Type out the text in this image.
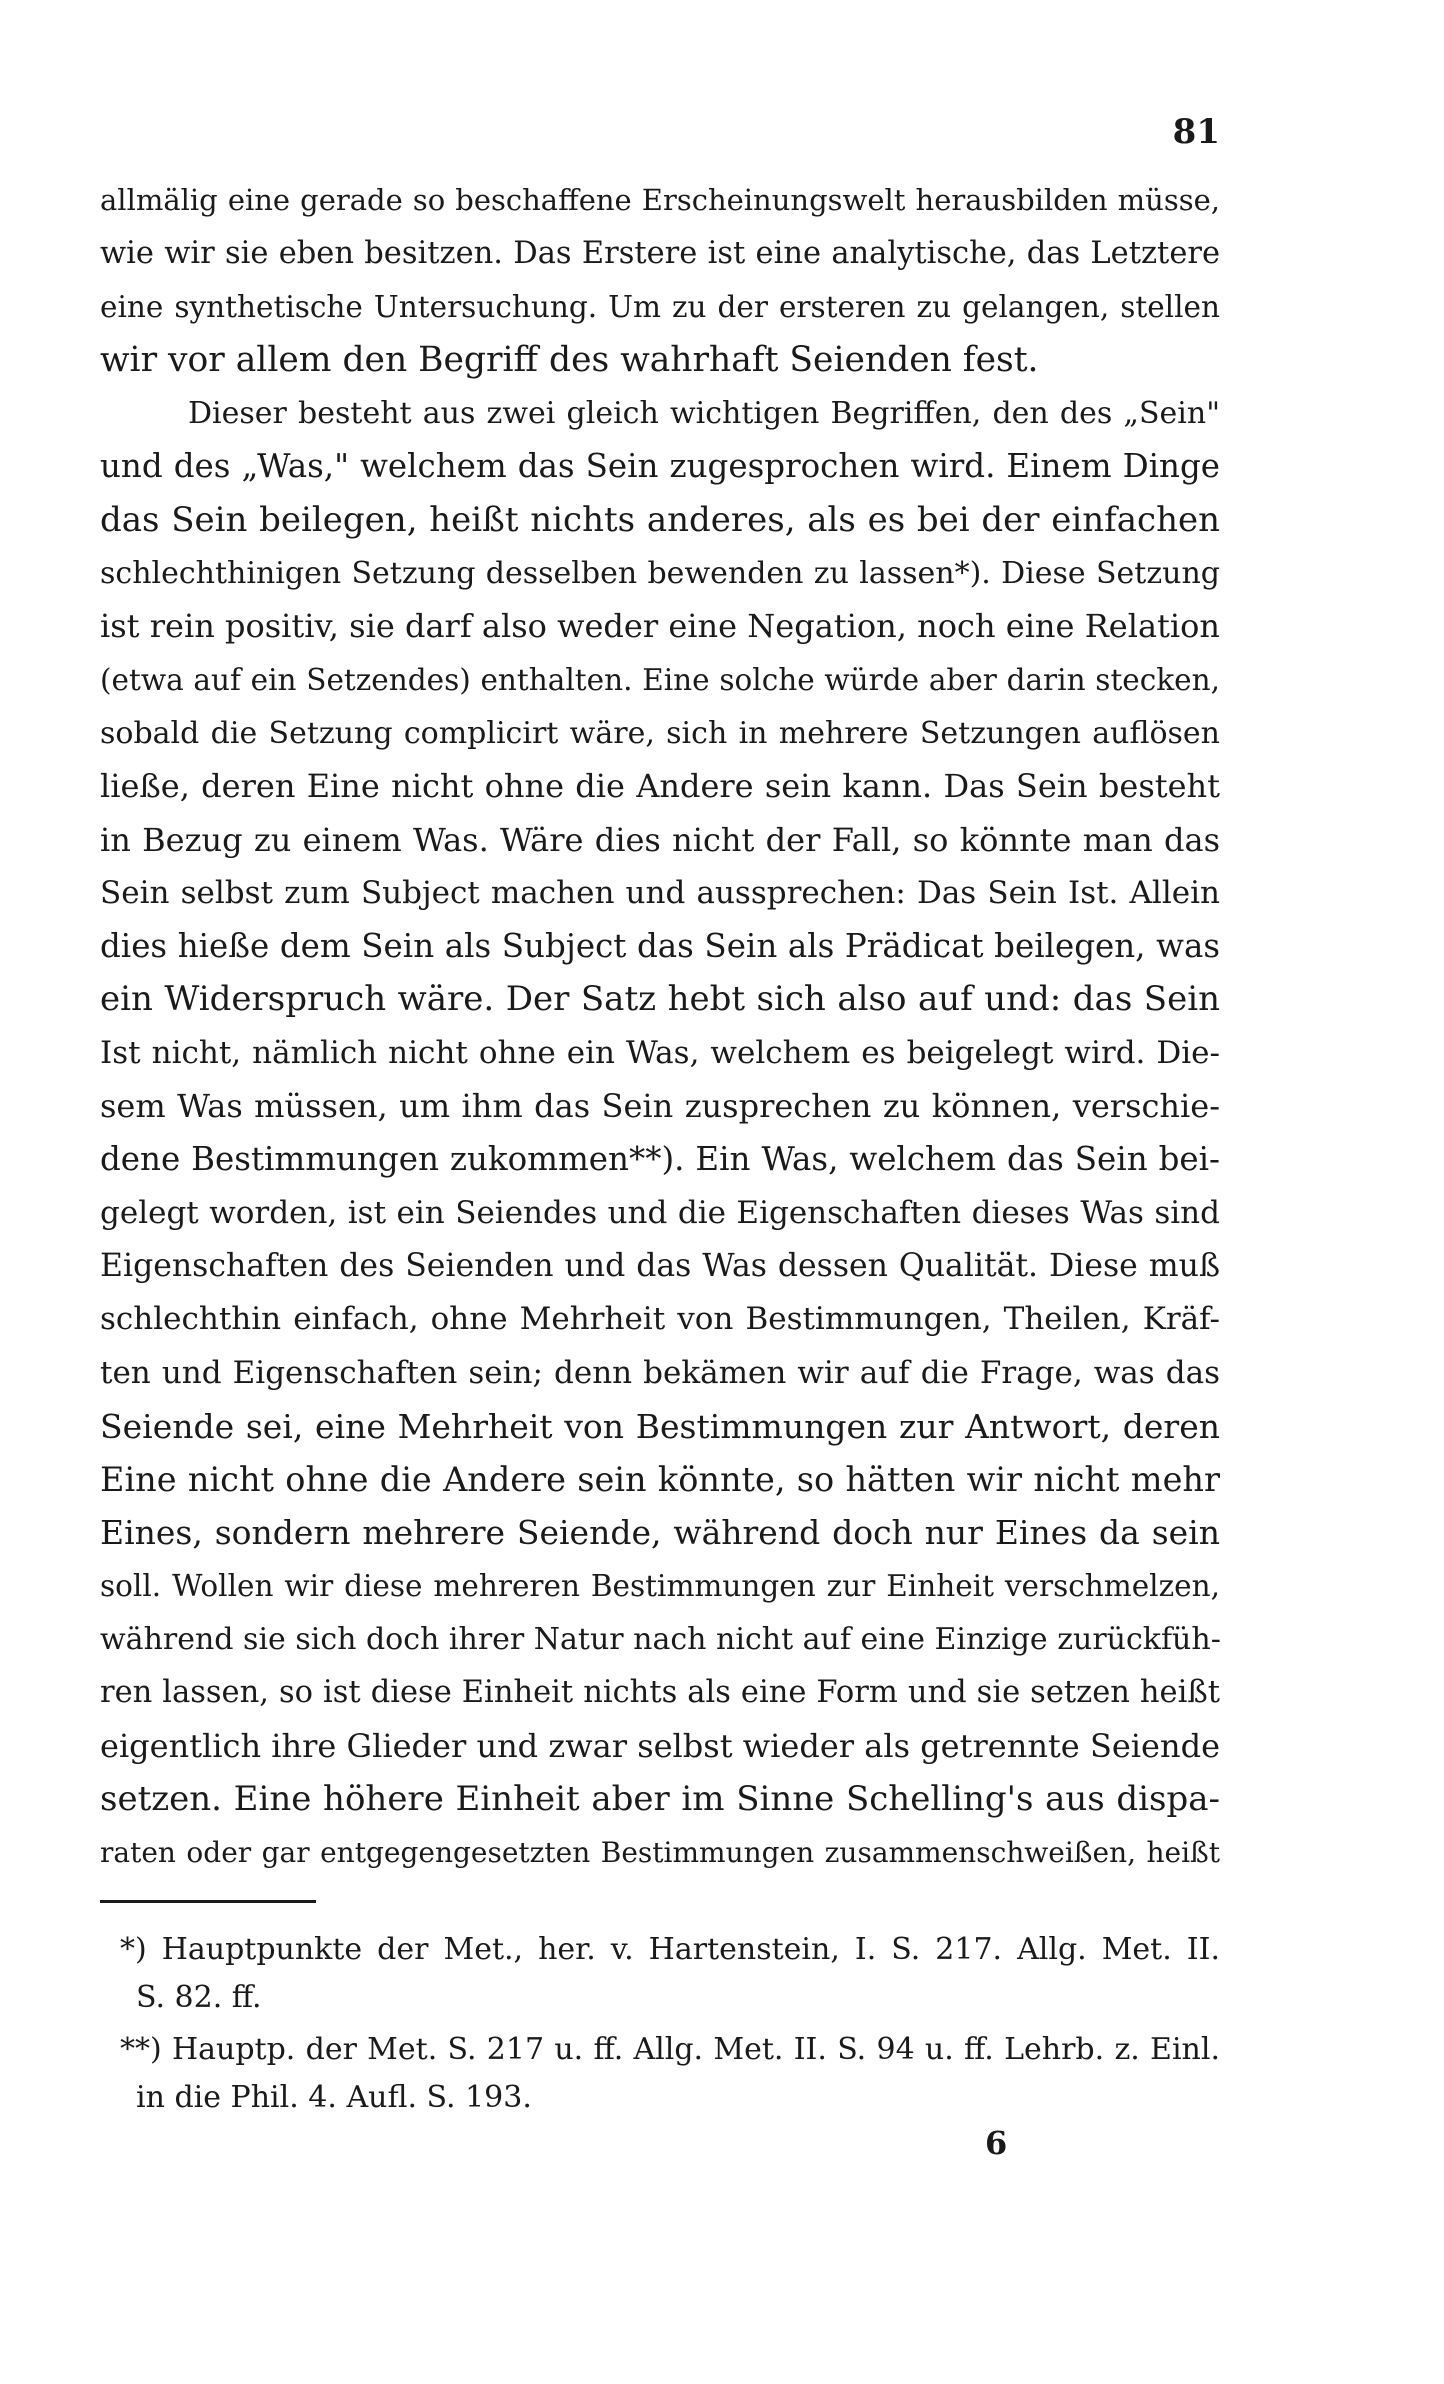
81
allmälig eine gerade so beschaffene Erscheinungswelt herausbilden müsse,
wie wir sie eben besitzen. Das Erstere ist eine analytische, das Letztere
eine synthetische Untersuchung. Um zu der ersteren zu gelangen, stellen
wir vor allem den Begriff des wahrhaft Seienden fest.
Dieser besteht aus zwei gleich wichtigen Begriffen, den des „Sein"
und des „Was," welchem das Sein zugesprochen wird. Einem Dinge
das Sein beilegen, heißt nichts anderes, als es bei der einfachen
schlechthinigen Setzung desselben bewenden zu lassen*). Diese Setzung
ist rein positiv, sie darf also weder eine Negation, noch eine Relation
(etwa auf ein Setzendes) enthalten. Eine solche würde aber darin stecken,
sobald die Setzung complicirt wäre, sich in mehrere Setzungen auflösen
ließe, deren Eine nicht ohne die Andere sein kann. Das Sein besteht
in Bezug zu einem Was. Wäre dies nicht der Fall, so könnte man das
Sein selbst zum Subject machen und aussprechen: Das Sein Ist. Allein
dies hieße dem Sein als Subject das Sein als Prädicat beilegen, was
ein Widerspruch wäre. Der Satz hebt sich also auf und: das Sein
Ist nicht, nämlich nicht ohne ein Was, welchem es beigelegt wird. Die-
sem Was müssen, um ihm das Sein zusprechen zu können, verschie-
dene Bestimmungen zukommen**). Ein Was, welchem das Sein bei-
gelegt worden, ist ein Seiendes und die Eigenschaften dieses Was sind
Eigenschaften des Seienden und das Was dessen Qualität. Diese muß
schlechthin einfach, ohne Mehrheit von Bestimmungen, Theilen, Kräf-
ten und Eigenschaften sein; denn bekämen wir auf die Frage, was das
Seiende sei, eine Mehrheit von Bestimmungen zur Antwort, deren
Eine nicht ohne die Andere sein könnte, so hätten wir nicht mehr
Eines, sondern mehrere Seiende, während doch nur Eines da sein
soll. Wollen wir diese mehreren Bestimmungen zur Einheit verschmelzen,
während sie sich doch ihrer Natur nach nicht auf eine Einzige zurückfüh-
ren lassen, so ist diese Einheit nichts als eine Form und sie setzen heißt
eigentlich ihre Glieder und zwar selbst wieder als getrennte Seiende
setzen. Eine höhere Einheit aber im Sinne Schelling's aus dispa-
raten oder gar entgegengesetzten Bestimmungen zusammenschweißen, heißt
*) Hauptpunkte der Met., her. v. Hartenstein, I. S. 217. Allg. Met. II.
S. 82. ff.
**) Hauptp. der Met. S. 217 u. ff. Allg. Met. II. S. 94 u. ff. Lehrb. z. Einl.
in die Phil. 4. Aufl. S. 193.
6
